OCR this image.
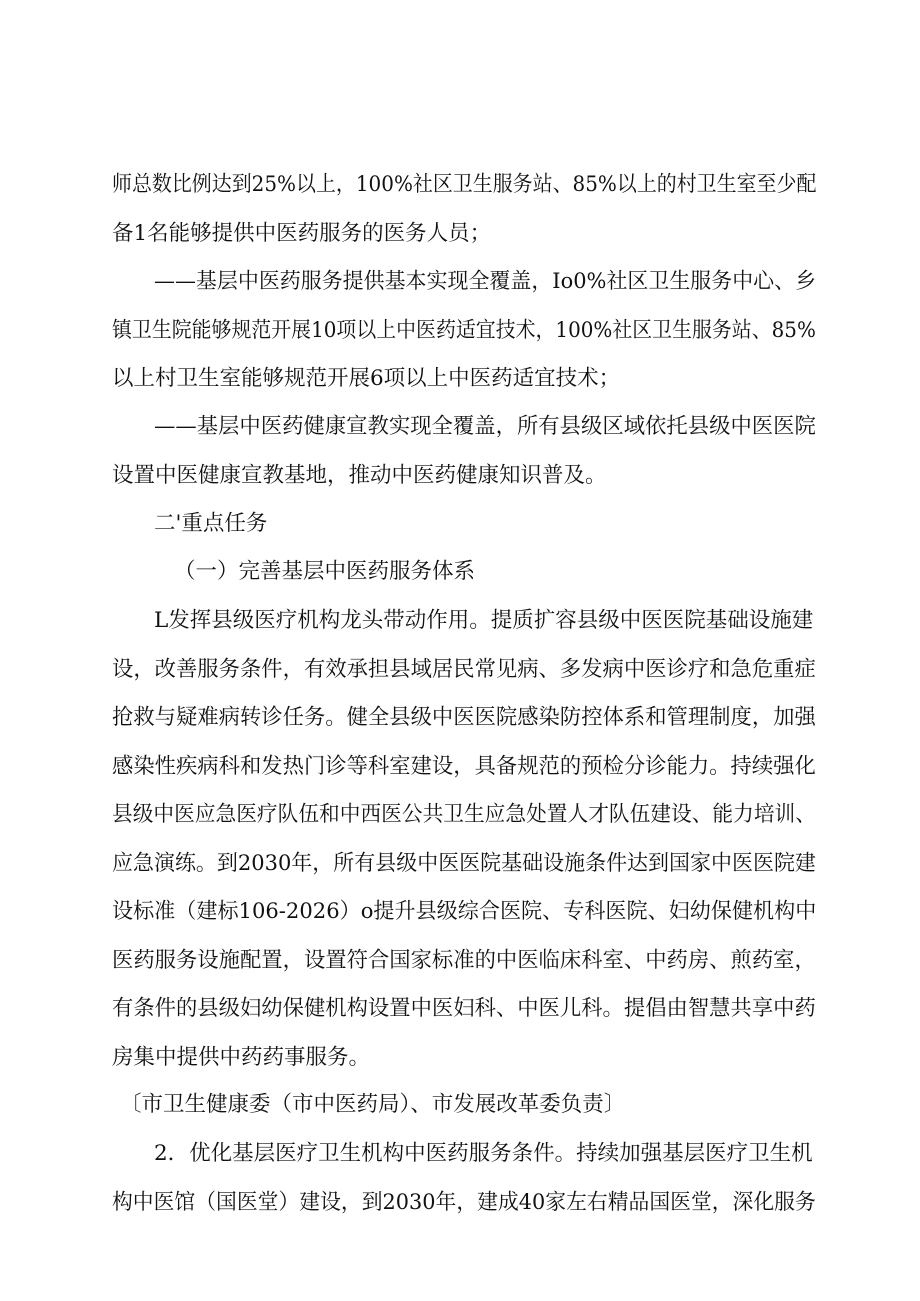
师总数比例达到25%以上，100%社区卫生服务站、85%以上的村卫生室至少配
备1名能够提供中医药服务的医务人员；
——基层中医药服务提供基本实现全覆盖，Io0%社区卫生服务中心、乡
镇卫生院能够规范开展10项以上中医药适宜技术，100%社区卫生服务站、85%
以上村卫生室能够规范开展6项以上中医药适宜技术；
——基层中医药健康宣教实现全覆盖，所有县级区域依托县级中医医院
设置中医健康宣教基地，推动中医药健康知识普及。
二'重点任务
（一）完善基层中医药服务体系
L发挥县级医疗机构龙头带动作用。提质扩容县级中医医院基础设施建
设，改善服务条件，有效承担县域居民常见病、多发病中医诊疗和急危重症
抢救与疑难病转诊任务。健全县级中医医院感染防控体系和管理制度，加强
感染性疾病科和发热门诊等科室建设，具备规范的预检分诊能力。持续强化
县级中医应急医疗队伍和中西医公共卫生应急处置人才队伍建设、能力培训、
应急演练。到2030年，所有县级中医医院基础设施条件达到国家中医医院建
设标准（建标106-2026）o提升县级综合医院、专科医院、妇幼保健机构中
医药服务设施配置，设置符合国家标准的中医临床科室、中药房、煎药室，
有条件的县级妇幼保健机构设置中医妇科、中医儿科。提倡由智慧共享中药
房集中提供中药药事服务。
〔市卫生健康委（市中医药局）、市发展改革委负责〕
2．优化基层医疗卫生机构中医药服务条件。持续加强基层医疗卫生机
构中医馆（国医堂）建设，到2030年，建成40家左右精品国医堂，深化服务
